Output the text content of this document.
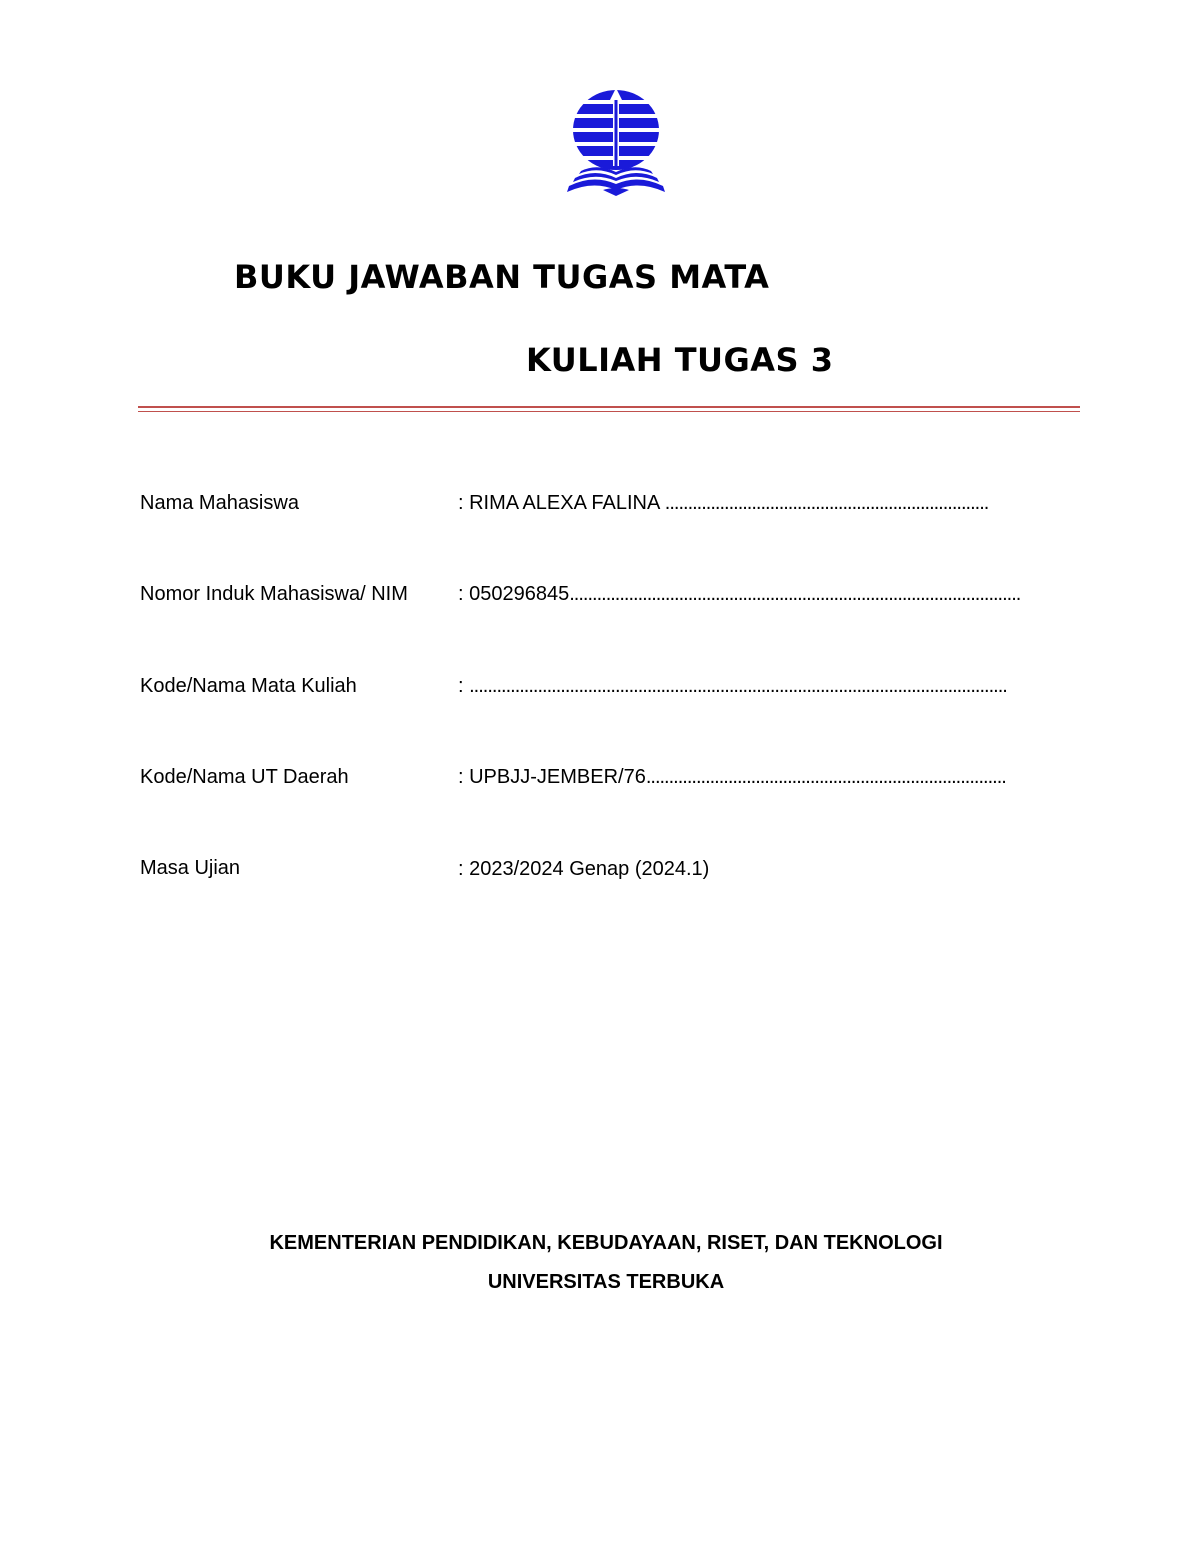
BUKU JAWABAN TUGAS MATA
KULIAH TUGAS 3
Nama Mahasiswa	: RIMA ALEXA FALINA .......................................................................
Nomor Induk Mahasiswa/ NIM	: 050296845...................................................................................................
Kode/Nama Mata Kuliah	: ......................................................................................................................
Kode/Nama UT Daerah	: UPBJJ-JEMBER/76...............................................................................
Masa Ujian	: 2023/2024 Genap (2024.1)
KEMENTERIAN PENDIDIKAN, KEBUDAYAAN, RISET, DAN TEKNOLOGI
UNIVERSITAS TERBUKA
